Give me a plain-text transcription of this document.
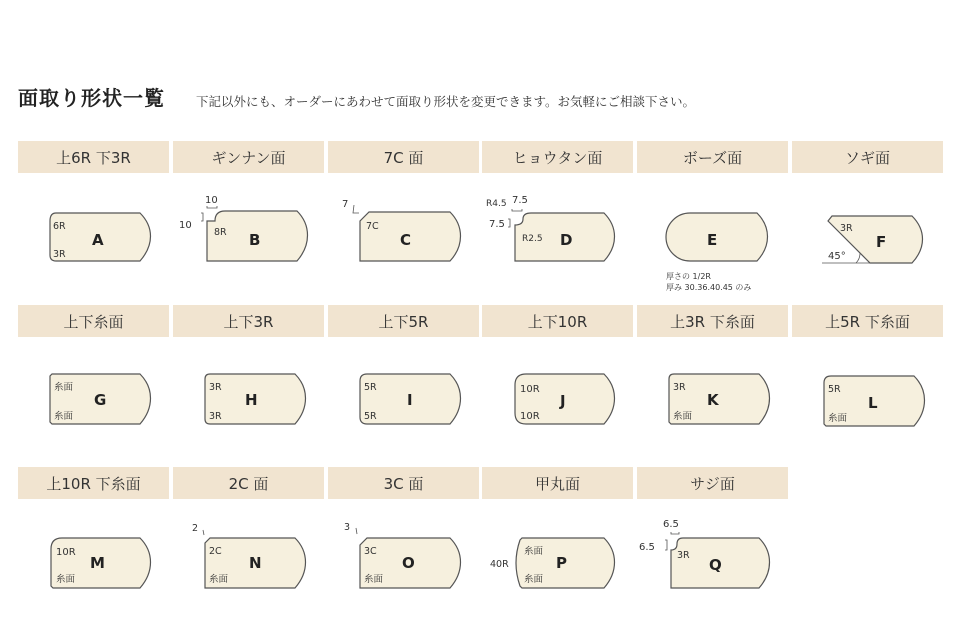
面取り形状一覧 下記以外にも、オーダーにあわせて面取り形状を変更できます。お気軽にご相談下さい。
上6R 下3R	ギンナン面	7C 面	ヒョウタン面	ボーズ面	ソギ面
6R
3R
A
10
10
8R B
7
7C
C
R4.5 7.5
7.5
R2.5 D	E
厚さの 1/2R
厚み 30.36.40.45 のみ
3R
45°
F
上下糸面	上下3R	上下5R	上下10R	上3R 下糸面	上5R 下糸面
糸面
糸面
G
3R
3R
H
5R
5R
I
10R
10R
J
3R
糸面
K
5R
糸面
L
上10R 下糸面	2C 面	3C 面	甲丸面	サジ面
10R
糸面
M
2
2C
糸面
N
3
3C
糸面
O	40R
糸面
糸面
P
6.5
6.5
3R
Q
